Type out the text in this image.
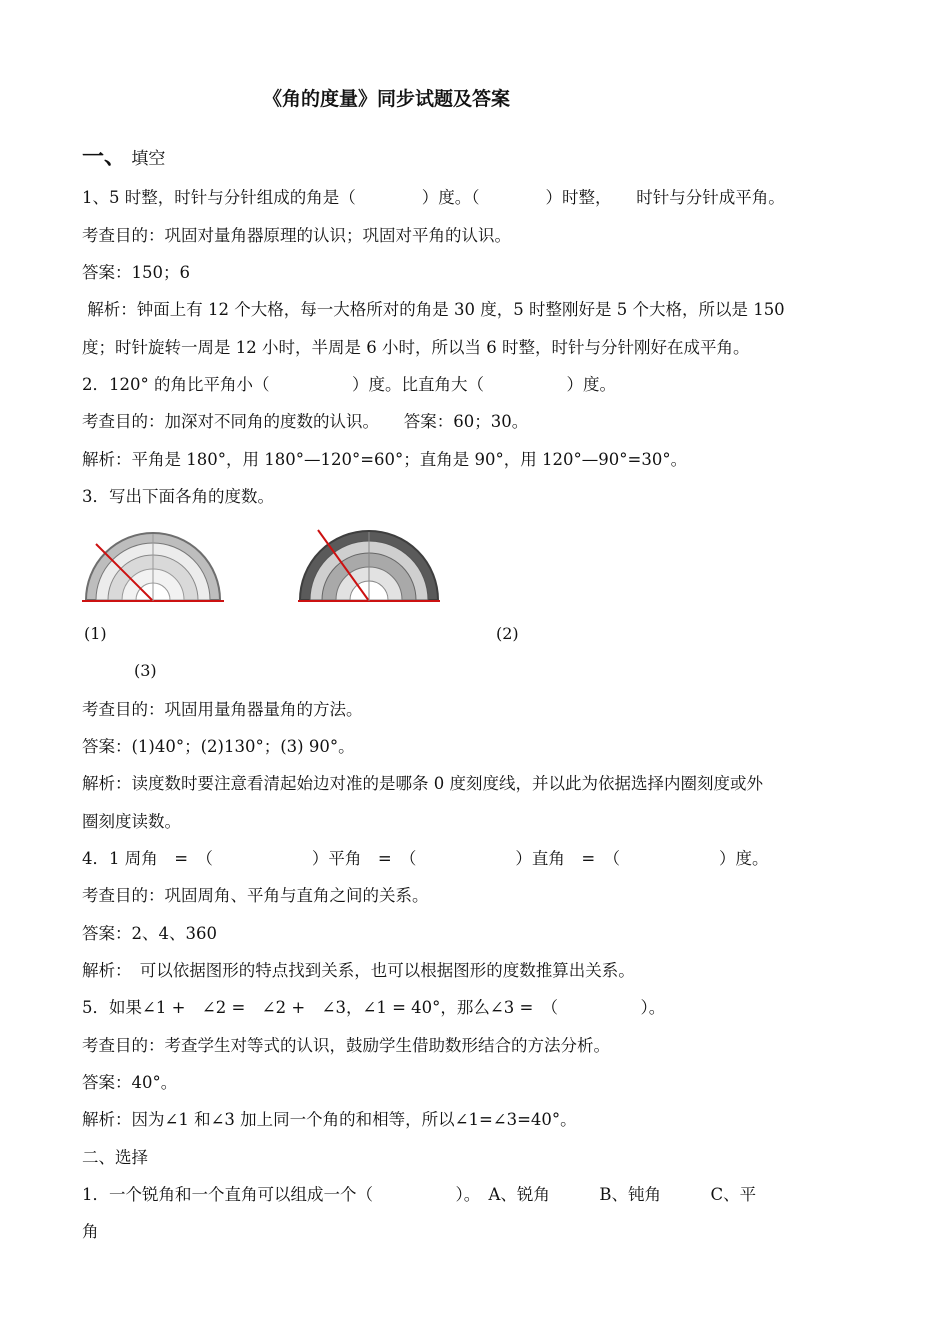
《角的度量》同步试题及答案
一、 填空
1、5 时整，时针与分针组成的角是（　　　　）度。（　　　　）时整，　　时针与分针成平角。
考查目的：巩固对量角器原理的认识；巩固对平角的认识。
答案：150；6
解析：钟面上有 12 个大格，每一大格所对的角是 30 度，5 时整刚好是 5 个大格，所以是 150
度；时针旋转一周是 12 小时，半周是 6 小时，所以当 6 时整，时针与分针刚好在成平角。
2．120° 的角比平角小（　　　　　）度。比直角大（　　　　　）度。
考查目的：加深对不同角的度数的认识。　　答案：60；30。
解析：平角是 180°，用 180°—120°=60°；直角是 90°，用 120°—90°=30°。
3．写出下面各角的度数。
(1)	(2)
(3)
考查目的：巩固用量角器量角的方法。
答案：(1)40°；(2)130°；(3) 90°。
解析：读度数时要注意看清起始边对准的是哪条 0 度刻度线，并以此为依据选择内圈刻度或外
圈刻度读数。
4．1 周角　=　（　　　　　　）平角　=　（　　　　　　）直角　=　（　　　　　　）度。
考查目的：巩固周角、平角与直角之间的关系。
答案：2、4、360
解析：　可以依据图形的特点找到关系，也可以根据图形的度数推算出关系。
5．如果∠1 +　∠2 =　∠2 +　∠3，∠1 = 40°，那么∠3 =　（　　　　　）。
考查目的：考查学生对等式的认识，鼓励学生借助数形结合的方法分析。
答案：40°。
解析：因为∠1 和∠3 加上同一个角的和相等，所以∠1=∠3=40°。
二、选择
1．一个锐角和一个直角可以组成一个（　　　　　）。　A、锐角　　　B、钝角　　　C、平
角
